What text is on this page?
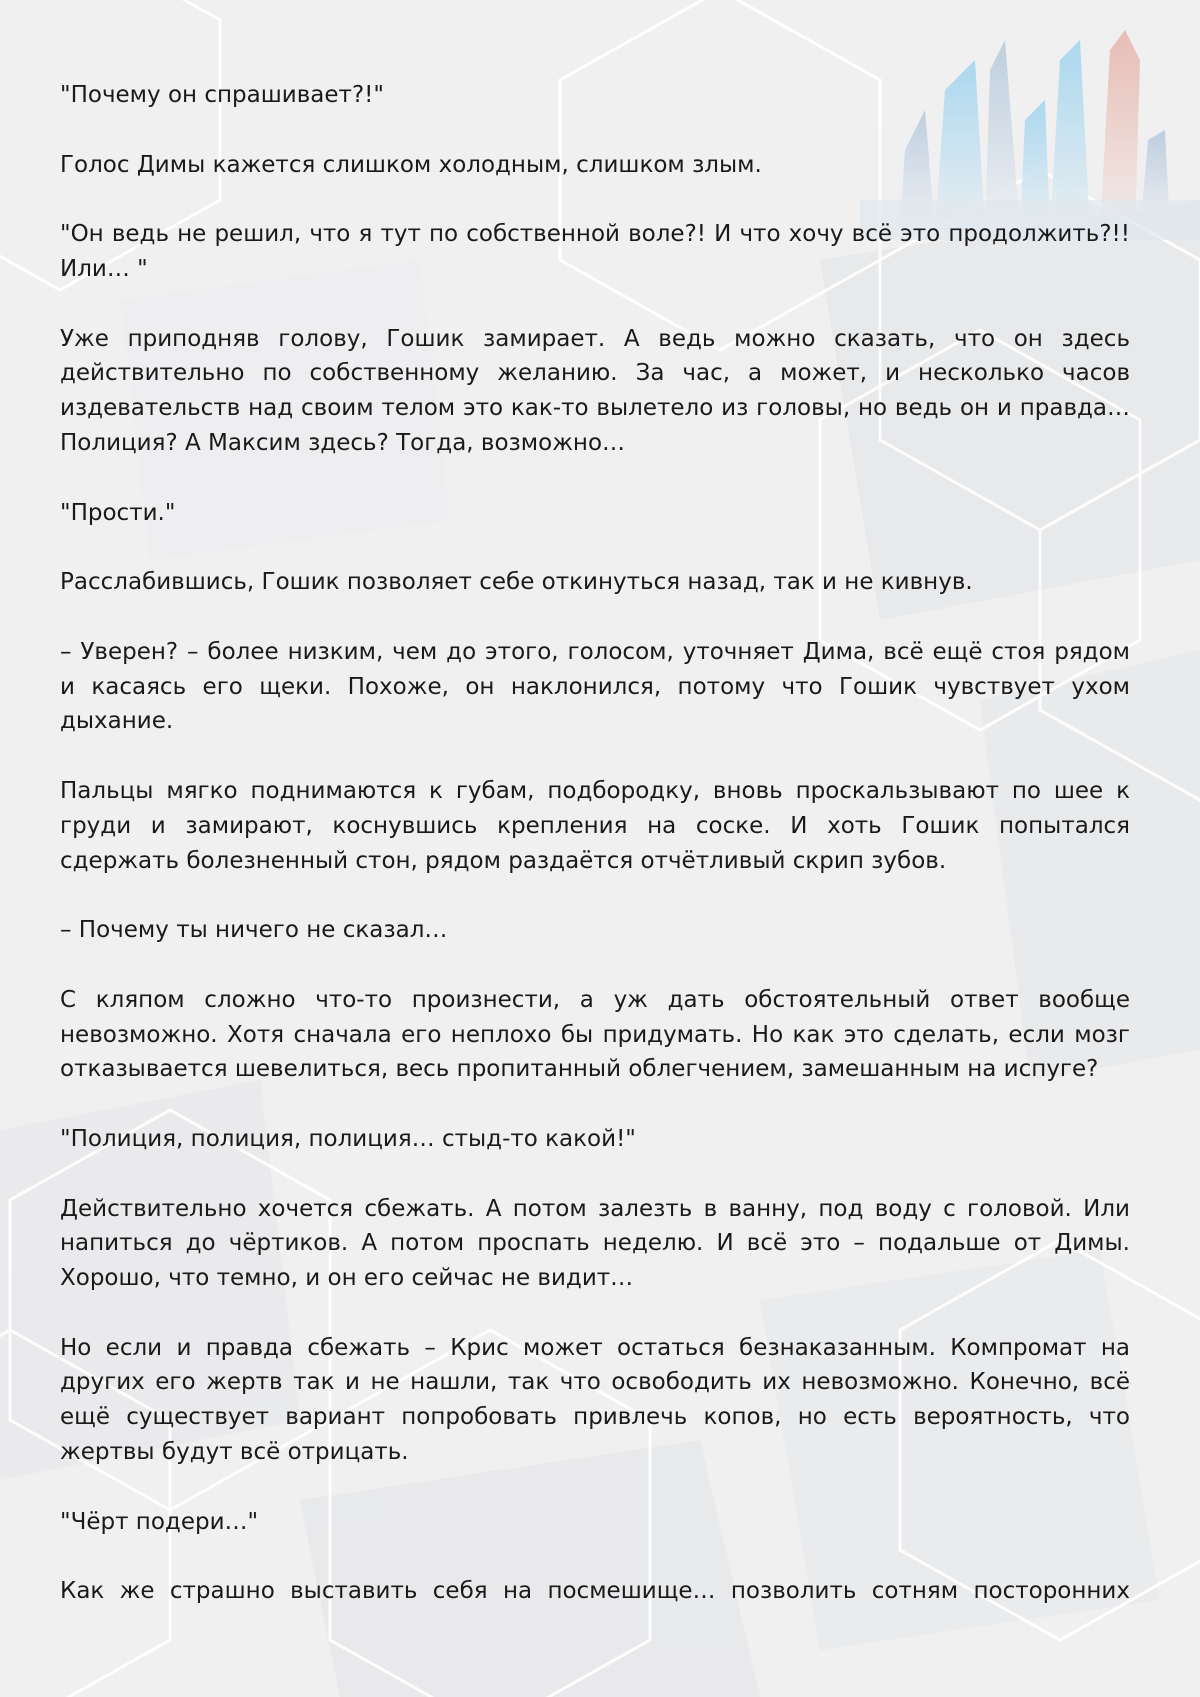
"Почему он спрашивает?!"

Голос Димы кажется слишком холодным, слишком злым.

"Он ведь не решил, что я тут по собственной воле?! И что хочу всё это продолжить?!! Или… "

Уже приподняв голову, Гошик замирает. А ведь можно сказать, что он здесь действительно по собственному желанию. За час, а может, и несколько часов издевательств над своим телом это как-то вылетело из головы, но ведь он и правда… Полиция? А Максим здесь? Тогда, возможно…

"Прости."

Расслабившись, Гошик позволяет себе откинуться назад, так и не кивнув.

– Уверен? – более низким, чем до этого, голосом, уточняет Дима, всё ещё стоя рядом и касаясь его щеки. Похоже, он наклонился, потому что Гошик чувствует ухом дыхание.

Пальцы мягко поднимаются к губам, подбородку, вновь проскальзывают по шее к груди и замирают, коснувшись крепления на соске. И хоть Гошик попытался сдержать болезненный стон, рядом раздаётся отчётливый скрип зубов.

– Почему ты ничего не сказал…

С кляпом сложно что-то произнести, а уж дать обстоятельный ответ вообще невозможно. Хотя сначала его неплохо бы придумать. Но как это сделать, если мозг отказывается шевелиться, весь пропитанный облегчением, замешанным на испуге?

"Полиция, полиция, полиция… стыд-то какой!"

Действительно хочется сбежать. А потом залезть в ванну, под воду с головой. Или напиться до чёртиков. А потом проспать неделю. И всё это – подальше от Димы. Хорошо, что темно, и он его сейчас не видит…

Но если и правда сбежать – Крис может остаться безнаказанным. Компромат на других его жертв так и не нашли, так что освободить их невозможно. Конечно, всё ещё существует вариант попробовать привлечь копов, но есть вероятность, что жертвы будут всё отрицать.

"Чёрт подери…"

Как же страшно выставить себя на посмешище… позволить сотням посторонних
